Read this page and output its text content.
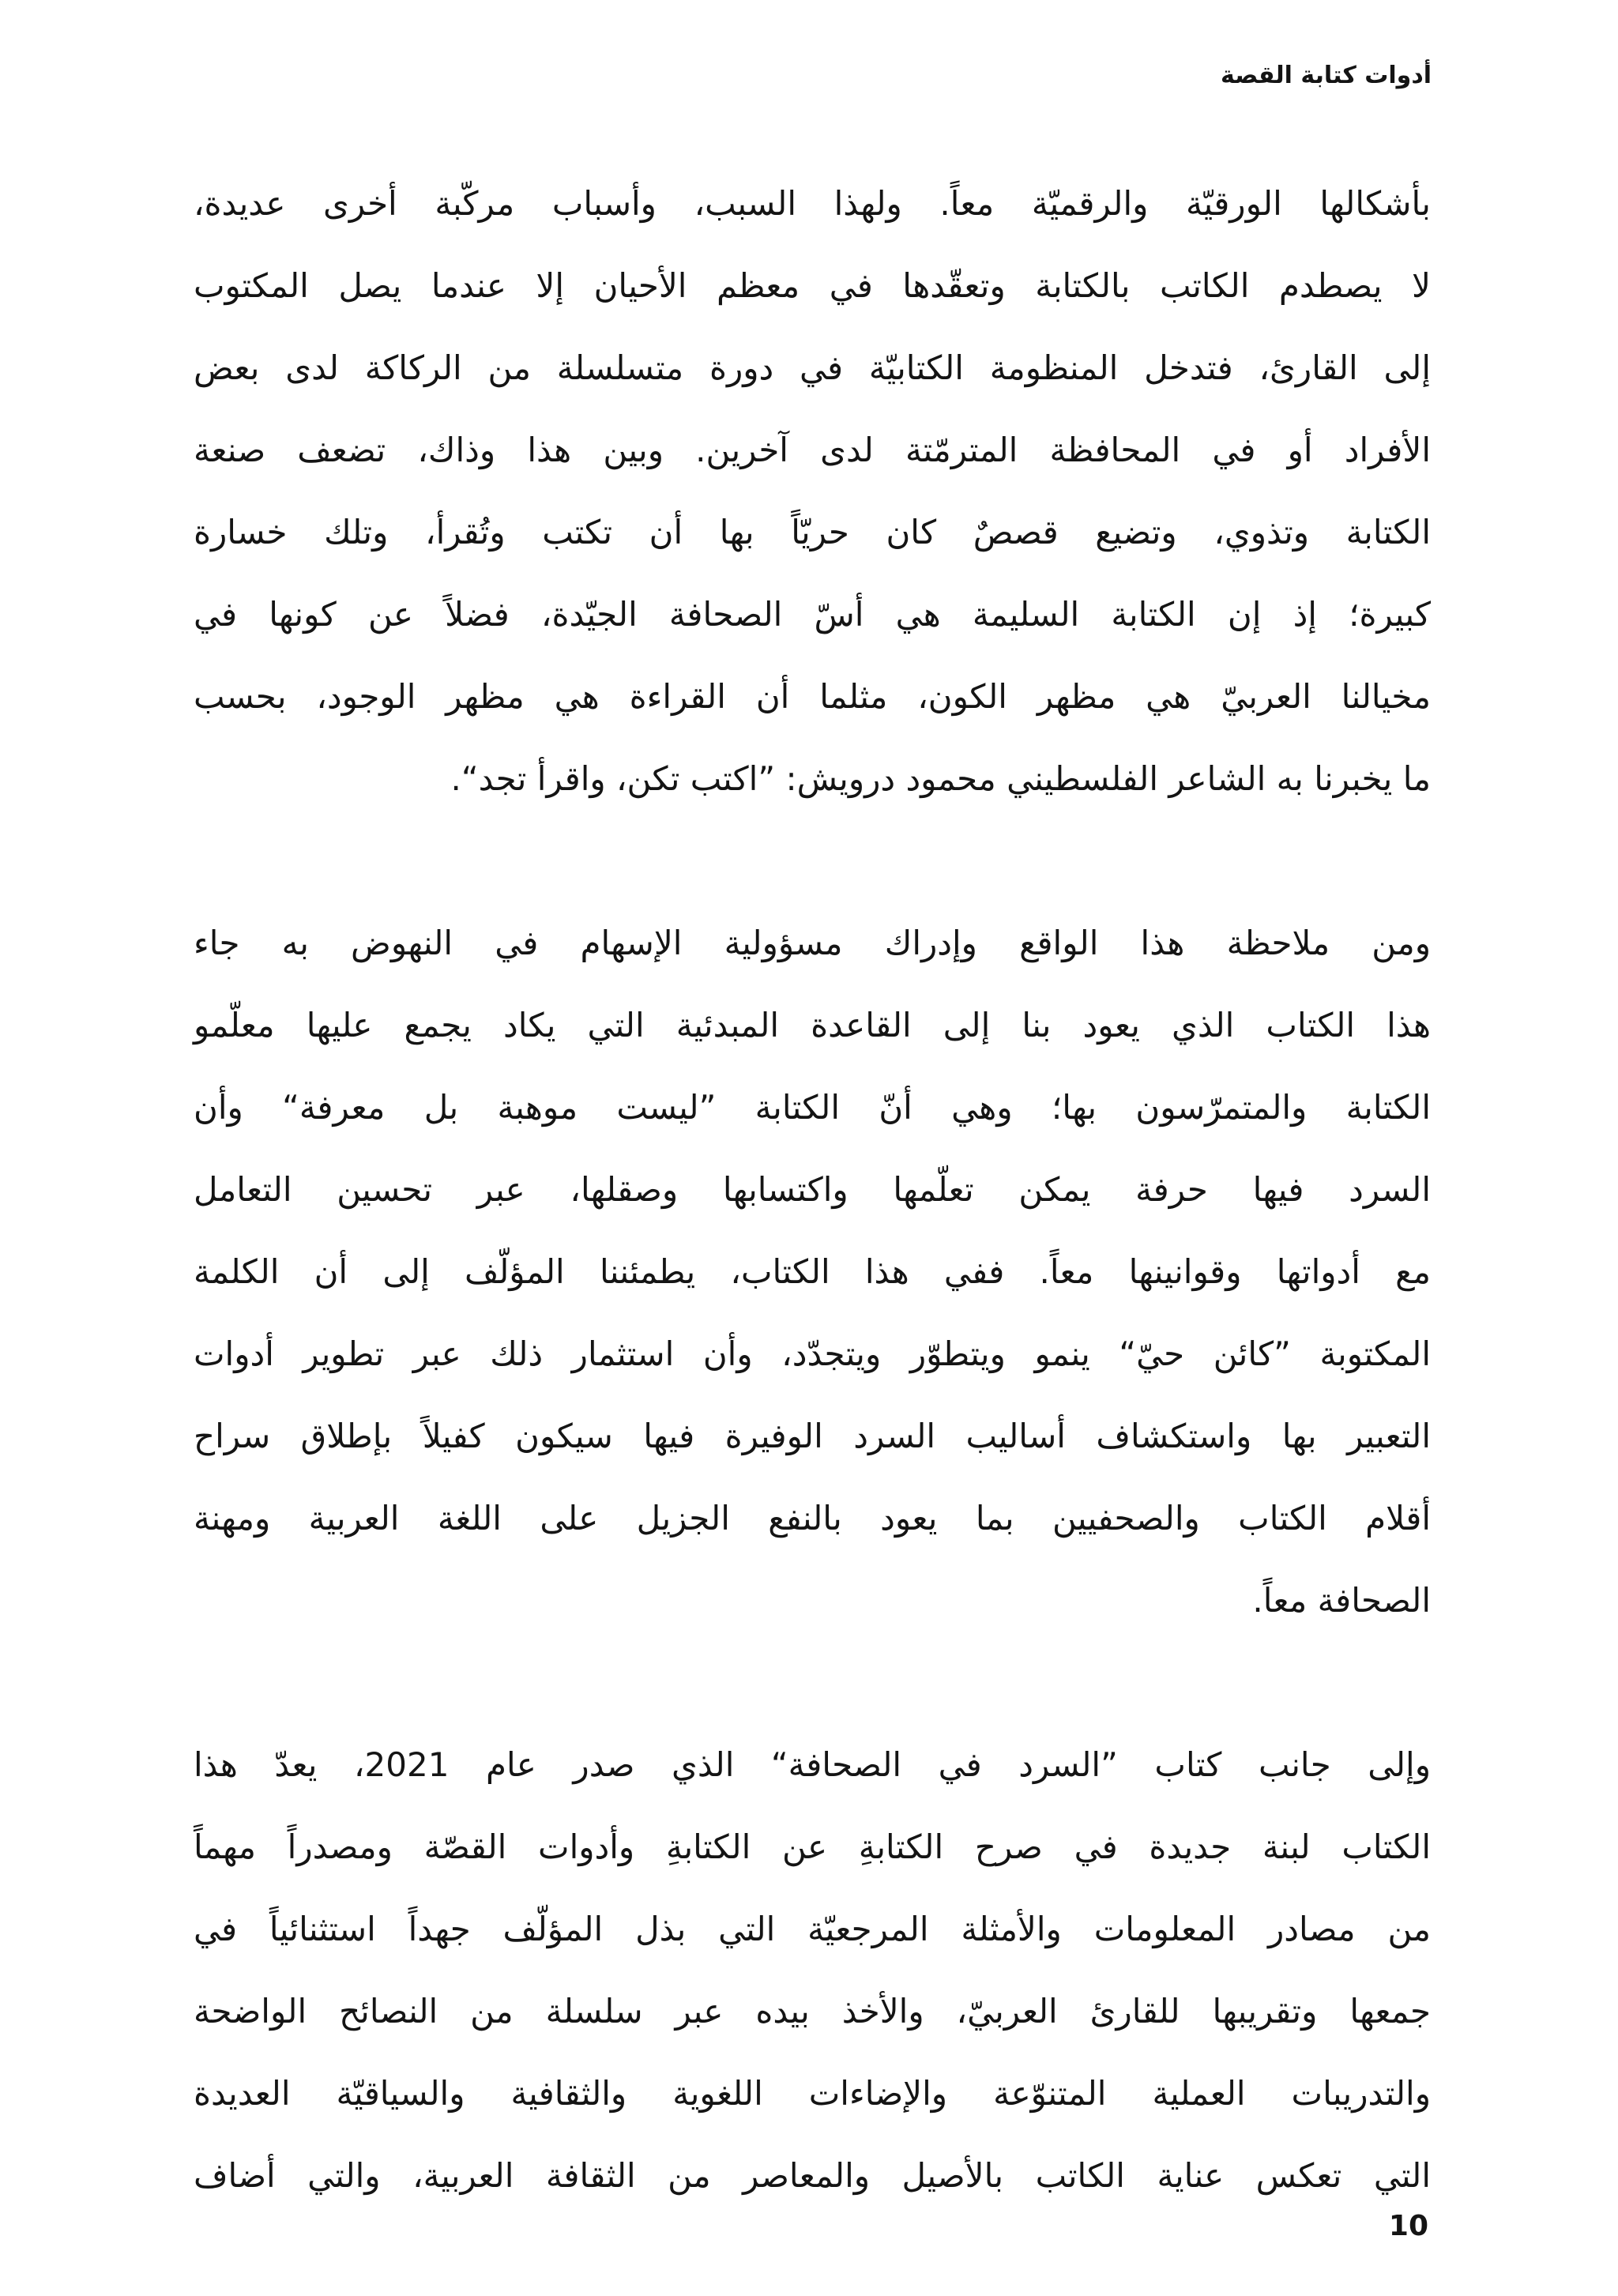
أدوات كتابة القصة

بأشكالها الورقيّة والرقميّة معاً. ولهذا السبب، وأسباب مركّبة أخرى عديدة،
لا يصطدم الكاتب بالكتابة وتعقّدها في معظم الأحيان إلا عندما يصل المكتوب
إلى القارئ، فتدخل المنظومة الكتابيّة في دورة متسلسلة من الركاكة لدى بعض
الأفراد أو في المحافظة المترمّتة لدى آخرين. وبين هذا وذاك، تضعف صنعة
الكتابة وتذوي، وتضيع قصصٌ كان حريّاً بها أن تكتب وتُقرأ، وتلك خسارة
كبيرة؛ إذ إن الكتابة السليمة هي أسّ الصحافة الجيّدة، فضلاً عن كونها في
مخيالنا العربيّ هي مظهر الكون، مثلما أن القراءة هي مظهر الوجود، بحسب
ما يخبرنا به الشاعر الفلسطيني محمود درويش: ”اكتب تكن، واقرأ تجد“.

ومن ملاحظة هذا الواقع وإدراك مسؤولية الإسهام في النهوض به جاء
هذا الكتاب الذي يعود بنا إلى القاعدة المبدئية التي يكاد يجمع عليها معلّمو
الكتابة والمتمرّسون بها؛ وهي أنّ الكتابة ”ليست موهبة بل معرفة“ وأن
السرد فيها حرفة يمكن تعلّمها واكتسابها وصقلها، عبر تحسين التعامل
مع أدواتها وقوانينها معاً. ففي هذا الكتاب، يطمئننا المؤلّف إلى أن الكلمة
المكتوبة ”كائن حيّ“ ينمو ويتطوّر ويتجدّد، وأن استثمار ذلك عبر تطوير أدوات
التعبير بها واستكشاف أساليب السرد الوفيرة فيها سيكون كفيلاً بإطلاق سراح
أقلام الكتاب والصحفيين بما يعود بالنفع الجزيل على اللغة العربية ومهنة
الصحافة معاً.

وإلى جانب كتاب ”السرد في الصحافة“ الذي صدر عام 2021، يعدّ هذا
الكتاب لبنة جديدة في صرح الكتابةِ عن الكتابةِ وأدوات القصّة ومصدراً مهماً
من مصادر المعلومات والأمثلة المرجعيّة التي بذل المؤلّف جهداً استثنائياً في
جمعها وتقريبها للقارئ العربيّ، والأخذ بيده عبر سلسلة من النصائح الواضحة
والتدريبات العملية المتنوّعة والإضاءات اللغوية والثقافية والسياقيّة العديدة
التي تعكس عناية الكاتب بالأصيل والمعاصر من الثقافة العربية، والتي أضاف

10
